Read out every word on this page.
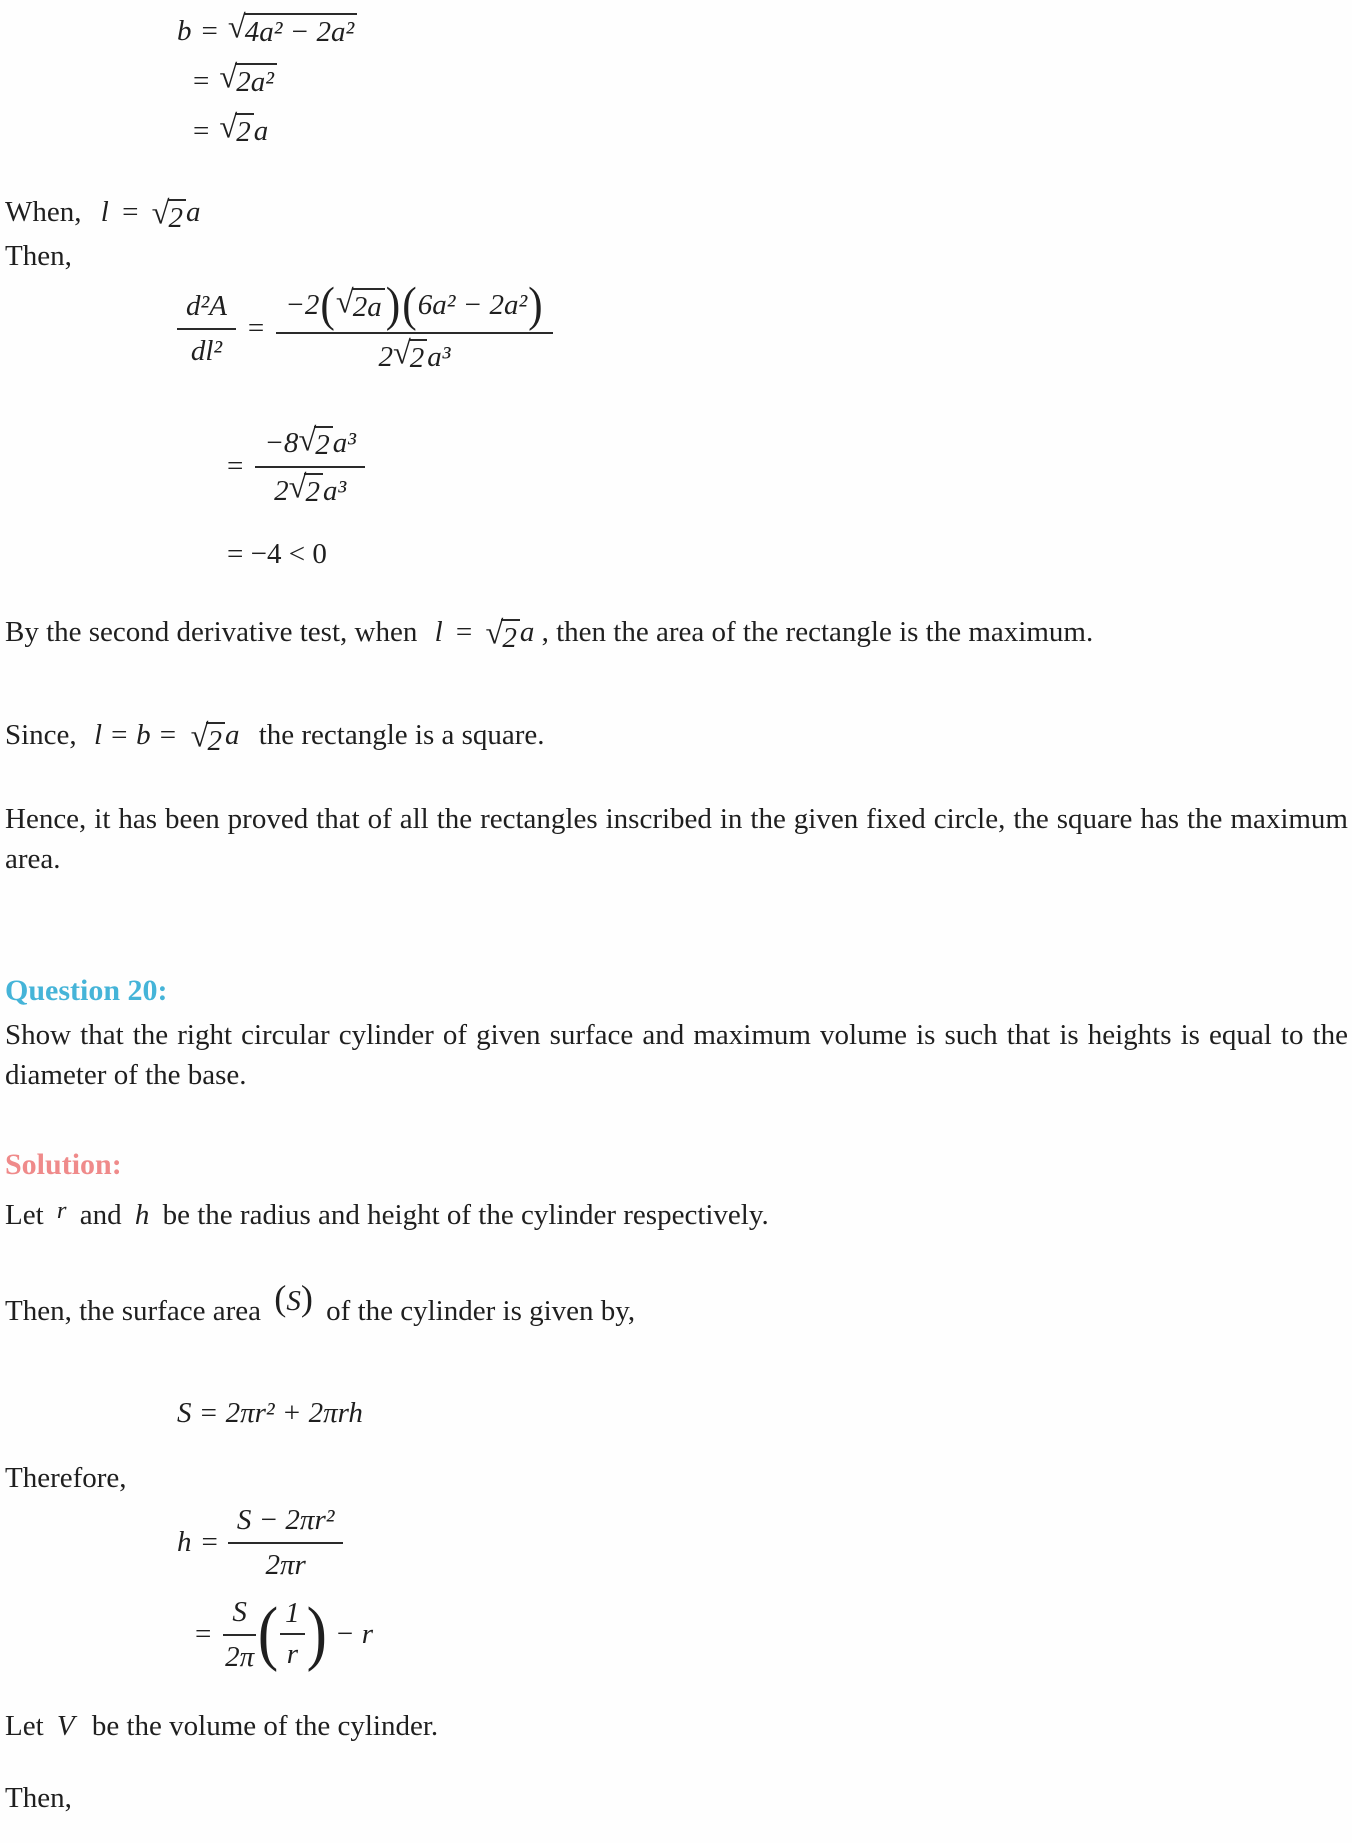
b = √ 4a² − 2a²
= √ 2a²
= √ 2 a

When, l = √ 2 a

Then,

$\frac{\text{d²A}}{\text{dl²}}$ =
−2 ( √ 2a ) ( 6a² − 2a² )
2 √ 2 a³
=
−8 √ 2 a³
2 √ 2 a³
= −4 < 0

By the second derivative test, when l = √ 2 a , then the area of the rectangle is the maximum.

Since, l = b = √ 2 a the rectangle is a square.

Hence, it has been proved that of all the rectangles inscribed in the given fixed circle, the square has the maximum area.

Question 20:

Show that the right circular cylinder of given surface and maximum volume is such that is heights is equal to the diameter of the base.

Solution:

Let $^r$ and h be the radius and height of the cylinder respectively.

Then, the surface area (S) of the cylinder is given by,

S = 2πr² + 2πrh

Therefore,

$h = \frac{\text{S − 2πr²}}{2\pi r}$
= $\frac{S}{2\pi}$ ( $\frac{1}{r}$ ) − r

Let V be the volume of the cylinder.

Then,
